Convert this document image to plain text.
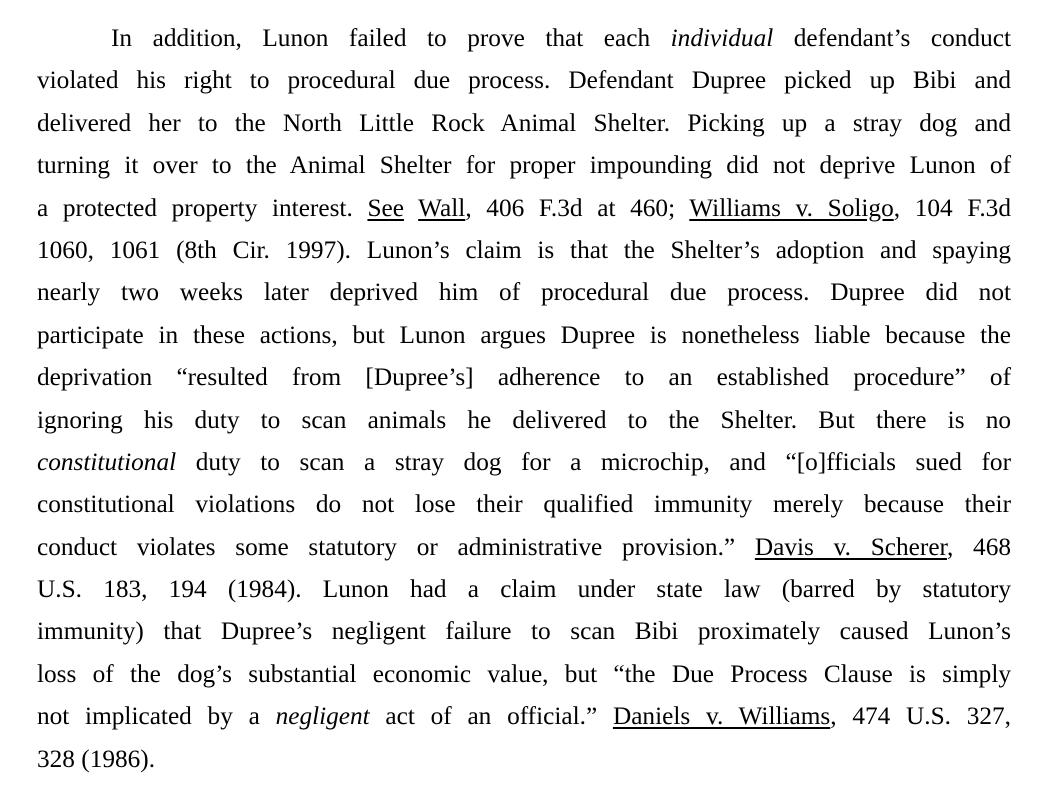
In addition, Lunon failed to prove that each individual defendant’s conduct
violated his right to procedural due process. Defendant Dupree picked up Bibi and
delivered her to the North Little Rock Animal Shelter. Picking up a stray dog and
turning it over to the Animal Shelter for proper impounding did not deprive Lunon of
a protected property interest. See Wall, 406 F.3d at 460; Williams v. Soligo, 104 F.3d
1060, 1061 (8th Cir. 1997). Lunon’s claim is that the Shelter’s adoption and spaying
nearly two weeks later deprived him of procedural due process. Dupree did not
participate in these actions, but Lunon argues Dupree is nonetheless liable because the
deprivation “resulted from [Dupree’s] adherence to an established procedure” of
ignoring his duty to scan animals he delivered to the Shelter. But there is no
constitutional duty to scan a stray dog for a microchip, and “[o]fficials sued for
constitutional violations do not lose their qualified immunity merely because their
conduct violates some statutory or administrative provision.” Davis v. Scherer, 468
U.S. 183, 194 (1984). Lunon had a claim under state law (barred by statutory
immunity) that Dupree’s negligent failure to scan Bibi proximately caused Lunon’s
loss of the dog’s substantial economic value, but “the Due Process Clause is simply
not implicated by a negligent act of an official.” Daniels v. Williams, 474 U.S. 327,
328 (1986).
